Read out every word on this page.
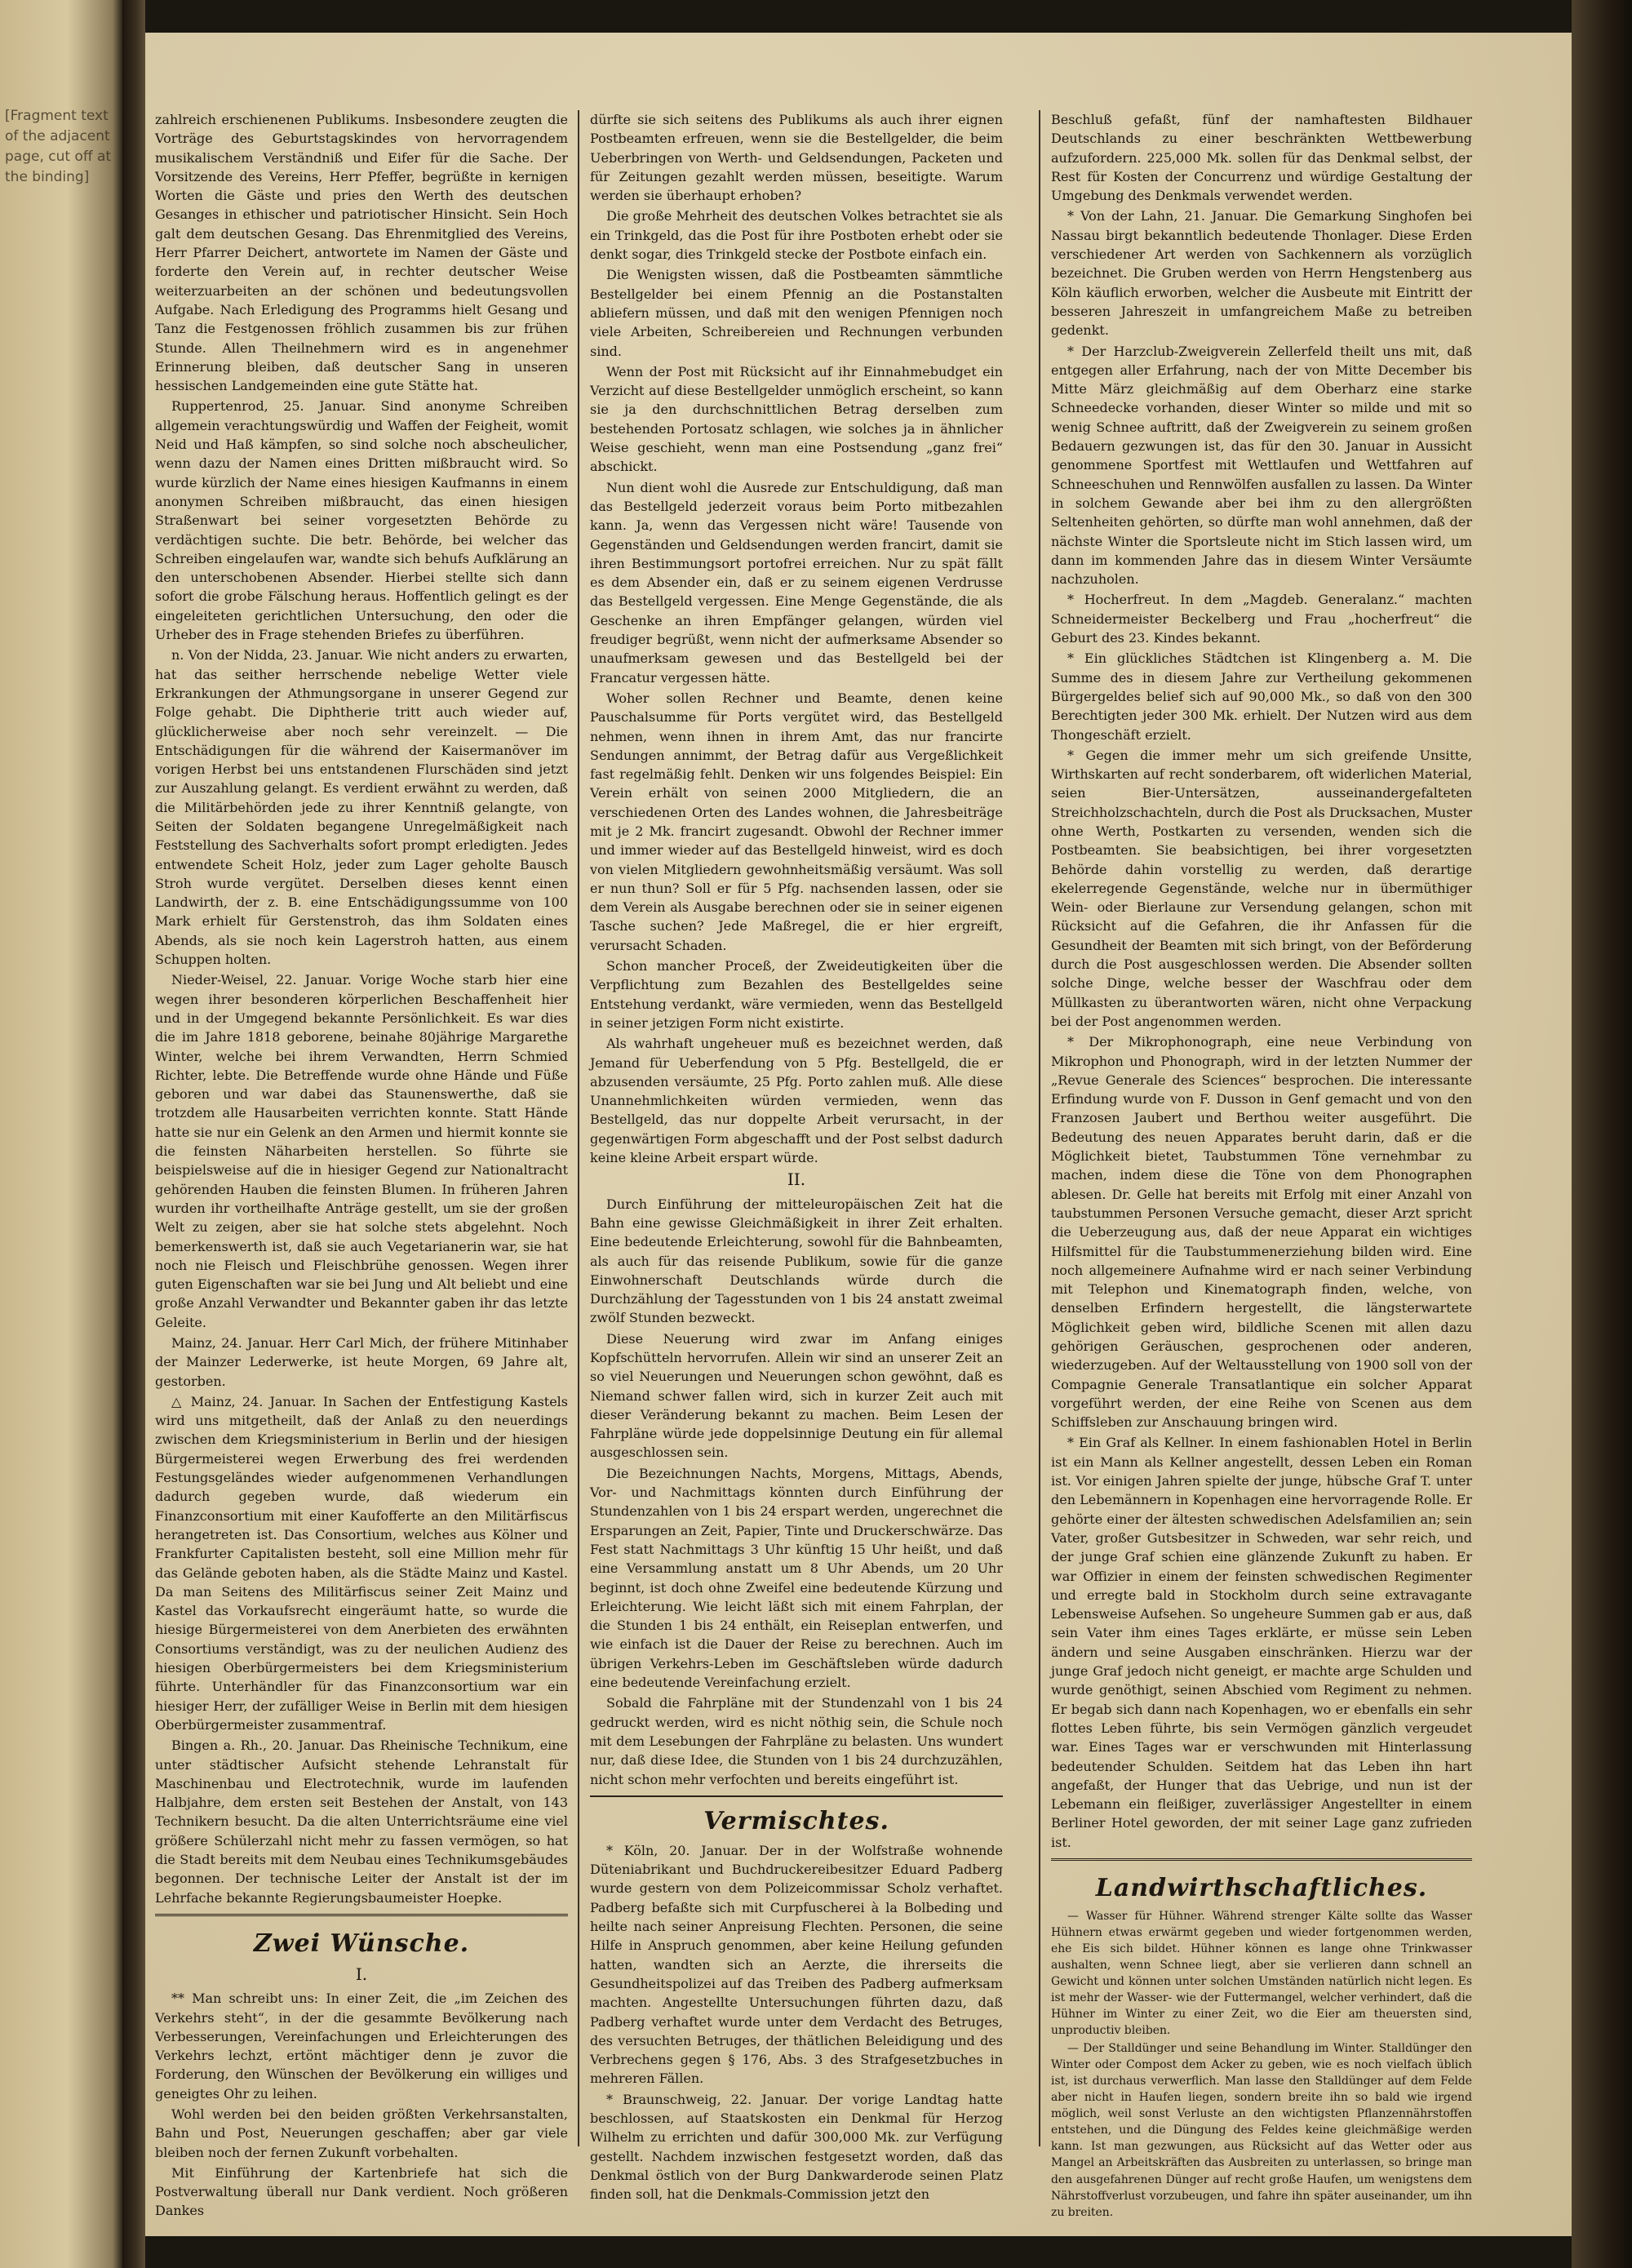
[Fragment text of the adjacent page, cut off at the binding]

zahlreich erschienenen Publikums. Insbesondere zeugten die Vorträge des Geburtstagskindes von hervorragendem musikalischem Verständniß und Eifer für die Sache. Der Vorsitzende des Vereins, Herr Pfeffer, begrüßte in kernigen Worten die Gäste und pries den Werth des deutschen Gesanges in ethischer und patriotischer Hinsicht. Sein Hoch galt dem deutschen Gesang. Das Ehrenmitglied des Vereins, Herr Pfarrer Deichert, antwortete im Namen der Gäste und forderte den Verein auf, in rechter deutscher Weise weiterzuarbeiten an der schönen und bedeutungsvollen Aufgabe. Nach Erledigung des Programms hielt Gesang und Tanz die Festgenossen fröhlich zusammen bis zur frühen Stunde. Allen Theilnehmern wird es in angenehmer Erinnerung bleiben, daß deutscher Sang in unseren hessischen Landgemeinden eine gute Stätte hat.

Ruppertenrod, 25. Januar. Sind anonyme Schreiben allgemein verachtungswürdig und Waffen der Feigheit, womit Neid und Haß kämpfen, so sind solche noch abscheulicher, wenn dazu der Namen eines Dritten mißbraucht wird. So wurde kürzlich der Name eines hiesigen Kaufmanns in einem anonymen Schreiben mißbraucht, das einen hiesigen Straßenwart bei seiner vorgesetzten Behörde zu verdächtigen suchte. Die betr. Behörde, bei welcher das Schreiben eingelaufen war, wandte sich behufs Aufklärung an den unterschobenen Absender. Hierbei stellte sich dann sofort die grobe Fälschung heraus. Hoffentlich gelingt es der eingeleiteten gerichtlichen Untersuchung, den oder die Urheber des in Frage stehenden Briefes zu überführen.

n. Von der Nidda, 23. Januar. Wie nicht anders zu erwarten, hat das seither herrschende nebelige Wetter viele Erkrankungen der Athmungsorgane in unserer Gegend zur Folge gehabt. Die Diphtherie tritt auch wieder auf, glücklicherweise aber noch sehr vereinzelt. — Die Entschädigungen für die während der Kaisermanöver im vorigen Herbst bei uns entstandenen Flurschäden sind jetzt zur Auszahlung gelangt. Es verdient erwähnt zu werden, daß die Militärbehörden jede zu ihrer Kenntniß gelangte, von Seiten der Soldaten begangene Unregelmäßigkeit nach Feststellung des Sachverhalts sofort prompt erledigten. Jedes entwendete Scheit Holz, jeder zum Lager geholte Bausch Stroh wurde vergütet. Derselben dieses kennt einen Landwirth, der z. B. eine Entschädigungssumme von 100 Mark erhielt für Gerstenstroh, das ihm Soldaten eines Abends, als sie noch kein Lagerstroh hatten, aus einem Schuppen holten.

Nieder-Weisel, 22. Januar. Vorige Woche starb hier eine wegen ihrer besonderen körperlichen Beschaffenheit hier und in der Umgegend bekannte Persönlichkeit. Es war dies die im Jahre 1818 geborene, beinahe 80jährige Margarethe Winter, welche bei ihrem Verwandten, Herrn Schmied Richter, lebte. Die Betreffende wurde ohne Hände und Füße geboren und war dabei das Staunenswerthe, daß sie trotzdem alle Hausarbeiten verrichten konnte. Statt Hände hatte sie nur ein Gelenk an den Armen und hiermit konnte sie die feinsten Näharbeiten herstellen. So führte sie beispielsweise auf die in hiesiger Gegend zur Nationaltracht gehörenden Hauben die feinsten Blumen. In früheren Jahren wurden ihr vortheilhafte Anträge gestellt, um sie der großen Welt zu zeigen, aber sie hat solche stets abgelehnt. Noch bemerkenswerth ist, daß sie auch Vegetarianerin war, sie hat noch nie Fleisch und Fleischbrühe genossen. Wegen ihrer guten Eigenschaften war sie bei Jung und Alt beliebt und eine große Anzahl Verwandter und Bekannter gaben ihr das letzte Geleite.

Mainz, 24. Januar. Herr Carl Mich, der frühere Mitinhaber der Mainzer Lederwerke, ist heute Morgen, 69 Jahre alt, gestorben.

△ Mainz, 24. Januar. In Sachen der Entfestigung Kastels wird uns mitgetheilt, daß der Anlaß zu den neuerdings zwischen dem Kriegsministerium in Berlin und der hiesigen Bürgermeisterei wegen Erwerbung des frei werdenden Festungsgeländes wieder aufgenommenen Verhandlungen dadurch gegeben wurde, daß wiederum ein Finanzconsortium mit einer Kaufofferte an den Militärfiscus herangetreten ist. Das Consortium, welches aus Kölner und Frankfurter Capitalisten besteht, soll eine Million mehr für das Gelände geboten haben, als die Städte Mainz und Kastel. Da man Seitens des Militärfiscus seiner Zeit Mainz und Kastel das Vorkaufsrecht eingeräumt hatte, so wurde die hiesige Bürgermeisterei von dem Anerbieten des erwähnten Consortiums verständigt, was zu der neulichen Audienz des hiesigen Oberbürgermeisters bei dem Kriegsministerium führte. Unterhändler für das Finanzconsortium war ein hiesiger Herr, der zufälliger Weise in Berlin mit dem hiesigen Oberbürgermeister zusammentraf.

Bingen a. Rh., 20. Januar. Das Rheinische Technikum, eine unter städtischer Aufsicht stehende Lehranstalt für Maschinenbau und Electrotechnik, wurde im laufenden Halbjahre, dem ersten seit Bestehen der Anstalt, von 143 Technikern besucht. Da die alten Unterrichtsräume eine viel größere Schülerzahl nicht mehr zu fassen vermögen, so hat die Stadt bereits mit dem Neubau eines Technikumsgebäudes begonnen. Der technische Leiter der Anstalt ist der im Lehrfache bekannte Regierungsbaumeister Hoepke.

Zwei Wünsche.
I.

** Man schreibt uns: In einer Zeit, die „im Zeichen des Verkehrs steht“, in der die gesammte Bevölkerung nach Verbesserungen, Vereinfachungen und Erleichterungen des Verkehrs lechzt, ertönt mächtiger denn je zuvor die Forderung, den Wünschen der Bevölkerung ein williges und geneigtes Ohr zu leihen.

Wohl werden bei den beiden größten Verkehrsanstalten, Bahn und Post, Neuerungen geschaffen; aber gar viele bleiben noch der fernen Zukunft vorbehalten.

Mit Einführung der Kartenbriefe hat sich die Postverwaltung überall nur Dank verdient. Noch größeren Dankes

dürfte sie sich seitens des Publikums als auch ihrer eignen Postbeamten erfreuen, wenn sie die Bestellgelder, die beim Ueberbringen von Werth- und Geldsendungen, Packeten und für Zeitungen gezahlt werden müssen, beseitigte. Warum werden sie überhaupt erhoben?

Die große Mehrheit des deutschen Volkes betrachtet sie als ein Trinkgeld, das die Post für ihre Postboten erhebt oder sie denkt sogar, dies Trinkgeld stecke der Postbote einfach ein.

Die Wenigsten wissen, daß die Postbeamten sämmtliche Bestellgelder bei einem Pfennig an die Postanstalten abliefern müssen, und daß mit den wenigen Pfennigen noch viele Arbeiten, Schreibereien und Rechnungen verbunden sind.

Wenn der Post mit Rücksicht auf ihr Einnahmebudget ein Verzicht auf diese Bestellgelder unmöglich erscheint, so kann sie ja den durchschnittlichen Betrag derselben zum bestehenden Portosatz schlagen, wie solches ja in ähnlicher Weise geschieht, wenn man eine Postsendung „ganz frei“ abschickt.

Nun dient wohl die Ausrede zur Entschuldigung, daß man das Bestellgeld jederzeit voraus beim Porto mitbezahlen kann. Ja, wenn das Vergessen nicht wäre! Tausende von Gegenständen und Geldsendungen werden francirt, damit sie ihren Bestimmungsort portofrei erreichen. Nur zu spät fällt es dem Absender ein, daß er zu seinem eigenen Verdrusse das Bestellgeld vergessen. Eine Menge Gegenstände, die als Geschenke an ihren Empfänger gelangen, würden viel freudiger begrüßt, wenn nicht der aufmerksame Absender so unaufmerksam gewesen und das Bestellgeld bei der Francatur vergessen hätte.

Woher sollen Rechner und Beamte, denen keine Pauschalsumme für Ports vergütet wird, das Bestellgeld nehmen, wenn ihnen in ihrem Amt, das nur francirte Sendungen annimmt, der Betrag dafür aus Vergeßlichkeit fast regelmäßig fehlt. Denken wir uns folgendes Beispiel: Ein Verein erhält von seinen 2000 Mitgliedern, die an verschiedenen Orten des Landes wohnen, die Jahresbeiträge mit je 2 Mk. francirt zugesandt. Obwohl der Rechner immer und immer wieder auf das Bestellgeld hinweist, wird es doch von vielen Mitgliedern gewohnheitsmäßig versäumt. Was soll er nun thun? Soll er für 5 Pfg. nachsenden lassen, oder sie dem Verein als Ausgabe berechnen oder sie in seiner eigenen Tasche suchen? Jede Maßregel, die er hier ergreift, verursacht Schaden.

Schon mancher Proceß, der Zweideutigkeiten über die Verpflichtung zum Bezahlen des Bestellgeldes seine Entstehung verdankt, wäre vermieden, wenn das Bestellgeld in seiner jetzigen Form nicht existirte.

Als wahrhaft ungeheuer muß es bezeichnet werden, daß Jemand für Ueberfendung von 5 Pfg. Bestellgeld, die er abzusenden versäumte, 25 Pfg. Porto zahlen muß. Alle diese Unannehmlichkeiten würden vermieden, wenn das Bestellgeld, das nur doppelte Arbeit verursacht, in der gegenwärtigen Form abgeschafft und der Post selbst dadurch keine kleine Arbeit erspart würde.

II.

Durch Einführung der mitteleuropäischen Zeit hat die Bahn eine gewisse Gleichmäßigkeit in ihrer Zeit erhalten. Eine bedeutende Erleichterung, sowohl für die Bahnbeamten, als auch für das reisende Publikum, sowie für die ganze Einwohnerschaft Deutschlands würde durch die Durchzählung der Tagesstunden von 1 bis 24 anstatt zweimal zwölf Stunden bezweckt.

Diese Neuerung wird zwar im Anfang einiges Kopfschütteln hervorrufen. Allein wir sind an unserer Zeit an so viel Neuerungen und Neuerungen schon gewöhnt, daß es Niemand schwer fallen wird, sich in kurzer Zeit auch mit dieser Veränderung bekannt zu machen. Beim Lesen der Fahrpläne würde jede doppelsinnige Deutung ein für allemal ausgeschlossen sein.

Die Bezeichnungen Nachts, Morgens, Mittags, Abends, Vor- und Nachmittags könnten durch Einführung der Stundenzahlen von 1 bis 24 erspart werden, ungerechnet die Ersparungen an Zeit, Papier, Tinte und Druckerschwärze. Das Fest statt Nachmittags 3 Uhr künftig 15 Uhr heißt, und daß eine Versammlung anstatt um 8 Uhr Abends, um 20 Uhr beginnt, ist doch ohne Zweifel eine bedeutende Kürzung und Erleichterung. Wie leicht läßt sich mit einem Fahrplan, der die Stunden 1 bis 24 enthält, ein Reiseplan entwerfen, und wie einfach ist die Dauer der Reise zu berechnen. Auch im übrigen Verkehrs-Leben im Geschäftsleben würde dadurch eine bedeutende Vereinfachung erzielt.

Sobald die Fahrpläne mit der Stundenzahl von 1 bis 24 gedruckt werden, wird es nicht nöthig sein, die Schule noch mit dem Lesebungen der Fahrpläne zu belasten. Uns wundert nur, daß diese Idee, die Stunden von 1 bis 24 durchzuzählen, nicht schon mehr verfochten und bereits eingeführt ist.

Vermischtes.

* Köln, 20. Januar. Der in der Wolfstraße wohnende Düteniabrikant und Buchdruckereibesitzer Eduard Padberg wurde gestern von dem Polizeicommissar Scholz verhaftet. Padberg befaßte sich mit Curpfuscherei à la Bolbeding und heilte nach seiner Anpreisung Flechten. Personen, die seine Hilfe in Anspruch genommen, aber keine Heilung gefunden hatten, wandten sich an Aerzte, die ihrerseits die Gesundheitspolizei auf das Treiben des Padberg aufmerksam machten. Angestellte Untersuchungen führten dazu, daß Padberg verhaftet wurde unter dem Verdacht des Betruges, des versuchten Betruges, der thätlichen Beleidigung und des Verbrechens gegen § 176, Abs. 3 des Strafgesetzbuches in mehreren Fällen.

* Braunschweig, 22. Januar. Der vorige Landtag hatte beschlossen, auf Staatskosten ein Denkmal für Herzog Wilhelm zu errichten und dafür 300,000 Mk. zur Verfügung gestellt. Nachdem inzwischen festgesetzt worden, daß das Denkmal östlich von der Burg Dankwarderode seinen Platz finden soll, hat die Denkmals-Commission jetzt den

Beschluß gefaßt, fünf der namhaftesten Bildhauer Deutschlands zu einer beschränkten Wettbewerbung aufzufordern. 225,000 Mk. sollen für das Denkmal selbst, der Rest für Kosten der Concurrenz und würdige Gestaltung der Umgebung des Denkmals verwendet werden.

* Von der Lahn, 21. Januar. Die Gemarkung Singhofen bei Nassau birgt bekanntlich bedeutende Thonlager. Diese Erden verschiedener Art werden von Sachkennern als vorzüglich bezeichnet. Die Gruben werden von Herrn Hengstenberg aus Köln käuflich erworben, welcher die Ausbeute mit Eintritt der besseren Jahreszeit in umfangreichem Maße zu betreiben gedenkt.

* Der Harzclub-Zweigverein Zellerfeld theilt uns mit, daß entgegen aller Erfahrung, nach der von Mitte December bis Mitte März gleichmäßig auf dem Oberharz eine starke Schneedecke vorhanden, dieser Winter so milde und mit so wenig Schnee auftritt, daß der Zweigverein zu seinem großen Bedauern gezwungen ist, das für den 30. Januar in Aussicht genommene Sportfest mit Wettlaufen und Wettfahren auf Schneeschuhen und Rennwölfen ausfallen zu lassen. Da Winter in solchem Gewande aber bei ihm zu den allergrößten Seltenheiten gehörten, so dürfte man wohl annehmen, daß der nächste Winter die Sportsleute nicht im Stich lassen wird, um dann im kommenden Jahre das in diesem Winter Versäumte nachzuholen.

* Hocherfreut. In dem „Magdeb. Generalanz.“ machten Schneidermeister Beckelberg und Frau „hocherfreut“ die Geburt des 23. Kindes bekannt.

* Ein glückliches Städtchen ist Klingenberg a. M. Die Summe des in diesem Jahre zur Vertheilung gekommenen Bürgergeldes belief sich auf 90,000 Mk., so daß von den 300 Berechtigten jeder 300 Mk. erhielt. Der Nutzen wird aus dem Thongeschäft erzielt.

* Gegen die immer mehr um sich greifende Unsitte, Wirthskarten auf recht sonderbarem, oft widerlichen Material, seien Bier-Untersätzen, ausseinandergefalteten Streichholzschachteln, durch die Post als Drucksachen, Muster ohne Werth, Postkarten zu versenden, wenden sich die Postbeamten. Sie beabsichtigen, bei ihrer vorgesetzten Behörde dahin vorstellig zu werden, daß derartige ekelerregende Gegenstände, welche nur in übermüthiger Wein- oder Bierlaune zur Versendung gelangen, schon mit Rücksicht auf die Gefahren, die ihr Anfassen für die Gesundheit der Beamten mit sich bringt, von der Beförderung durch die Post ausgeschlossen werden. Die Absender sollten solche Dinge, welche besser der Waschfrau oder dem Müllkasten zu überantworten wären, nicht ohne Verpackung bei der Post angenommen werden.

* Der Mikrophonograph, eine neue Verbindung von Mikrophon und Phonograph, wird in der letzten Nummer der „Revue Generale des Sciences“ besprochen. Die interessante Erfindung wurde von F. Dusson in Genf gemacht und von den Franzosen Jaubert und Berthou weiter ausgeführt. Die Bedeutung des neuen Apparates beruht darin, daß er die Möglichkeit bietet, Taubstummen Töne vernehmbar zu machen, indem diese die Töne von dem Phonographen ablesen. Dr. Gelle hat bereits mit Erfolg mit einer Anzahl von taubstummen Personen Versuche gemacht, dieser Arzt spricht die Ueberzeugung aus, daß der neue Apparat ein wichtiges Hilfsmittel für die Taubstummenerziehung bilden wird. Eine noch allgemeinere Aufnahme wird er nach seiner Verbindung mit Telephon und Kinematograph finden, welche, von denselben Erfindern hergestellt, die längsterwartete Möglichkeit geben wird, bildliche Scenen mit allen dazu gehörigen Geräuschen, gesprochenen oder anderen, wiederzugeben. Auf der Weltausstellung von 1900 soll von der Compagnie Generale Transatlantique ein solcher Apparat vorgeführt werden, der eine Reihe von Scenen aus dem Schiffsleben zur Anschauung bringen wird.

* Ein Graf als Kellner. In einem fashionablen Hotel in Berlin ist ein Mann als Kellner angestellt, dessen Leben ein Roman ist. Vor einigen Jahren spielte der junge, hübsche Graf T. unter den Lebemännern in Kopenhagen eine hervorragende Rolle. Er gehörte einer der ältesten schwedischen Adelsfamilien an; sein Vater, großer Gutsbesitzer in Schweden, war sehr reich, und der junge Graf schien eine glänzende Zukunft zu haben. Er war Offizier in einem der feinsten schwedischen Regimenter und erregte bald in Stockholm durch seine extravagante Lebensweise Aufsehen. So ungeheure Summen gab er aus, daß sein Vater ihm eines Tages erklärte, er müsse sein Leben ändern und seine Ausgaben einschränken. Hierzu war der junge Graf jedoch nicht geneigt, er machte arge Schulden und wurde genöthigt, seinen Abschied vom Regiment zu nehmen. Er begab sich dann nach Kopenhagen, wo er ebenfalls ein sehr flottes Leben führte, bis sein Vermögen gänzlich vergeudet war. Eines Tages war er verschwunden mit Hinterlassung bedeutender Schulden. Seitdem hat das Leben ihn hart angefaßt, der Hunger that das Uebrige, und nun ist der Lebemann ein fleißiger, zuverlässiger Angestellter in einem Berliner Hotel geworden, der mit seiner Lage ganz zufrieden ist.

Landwirthschaftliches.

— Wasser für Hühner. Während strenger Kälte sollte das Wasser Hühnern etwas erwärmt gegeben und wieder fortgenommen werden, ehe Eis sich bildet. Hühner können es lange ohne Trinkwasser aushalten, wenn Schnee liegt, aber sie verlieren dann schnell an Gewicht und können unter solchen Umständen natürlich nicht legen. Es ist mehr der Wasser- wie der Futtermangel, welcher verhindert, daß die Hühner im Winter zu einer Zeit, wo die Eier am theuersten sind, unproductiv bleiben.

— Der Stalldünger und seine Behandlung im Winter. Stalldünger den Winter oder Compost dem Acker zu geben, wie es noch vielfach üblich ist, ist durchaus verwerflich. Man lasse den Stalldünger auf dem Felde aber nicht in Haufen liegen, sondern breite ihn so bald wie irgend möglich, weil sonst Verluste an den wichtigsten Pflanzennährstoffen entstehen, und die Düngung des Feldes keine gleichmäßige werden kann. Ist man gezwungen, aus Rücksicht auf das Wetter oder aus Mangel an Arbeitskräften das Ausbreiten zu unterlassen, so bringe man den ausgefahrenen Dünger auf recht große Haufen, um wenigstens dem Nährstoffverlust vorzubeugen, und fahre ihn später auseinander, um ihn zu breiten.
